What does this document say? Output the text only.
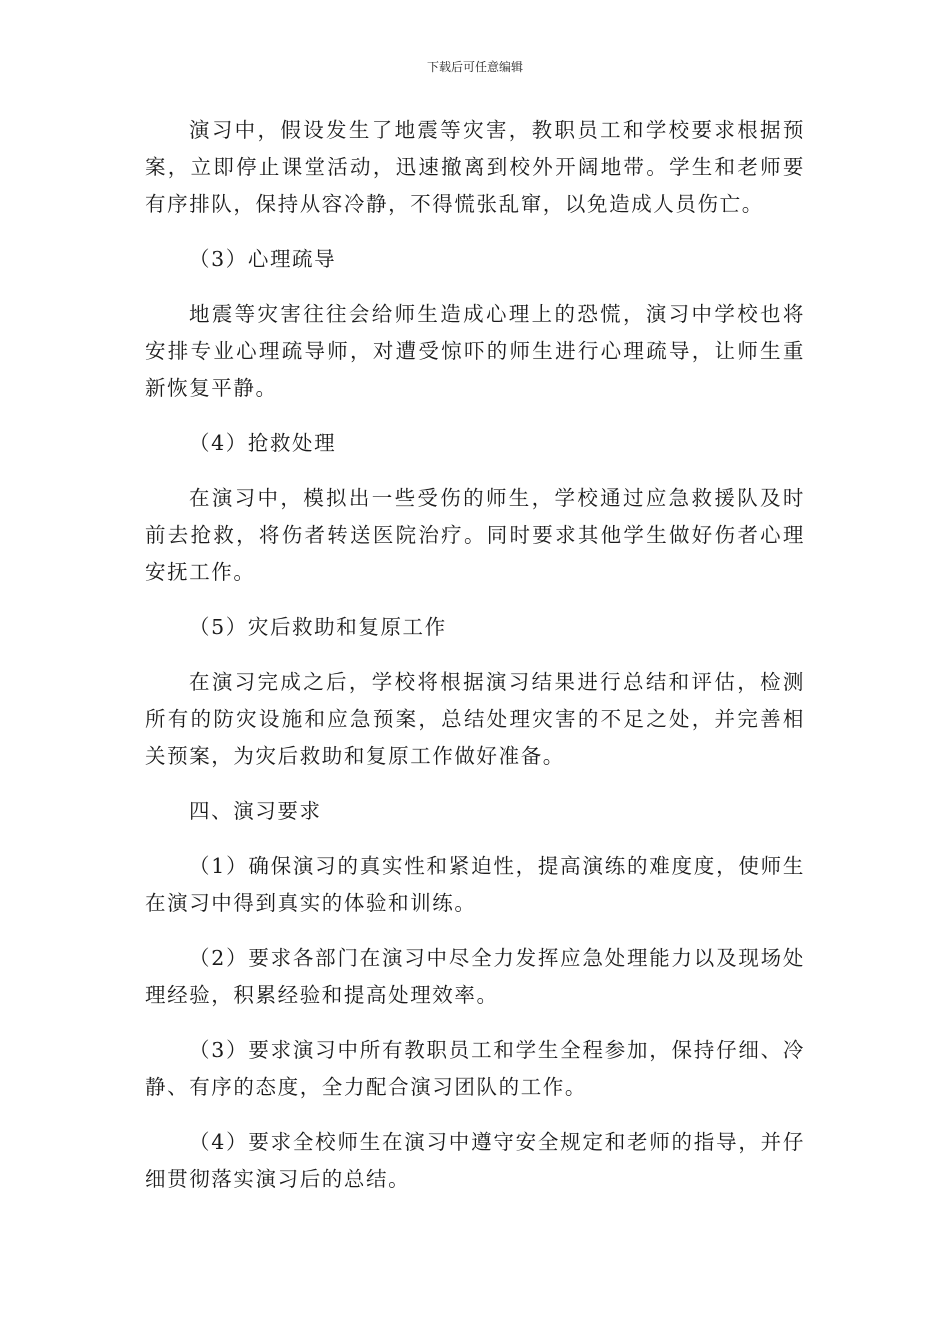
下载后可任意编辑

演习中，假设发生了地震等灾害，教职员工和学校要求根据预案，立即停止课堂活动，迅速撤离到校外开阔地带。学生和老师要有序排队，保持从容冷静，不得慌张乱窜，以免造成人员伤亡。

（3）心理疏导

地震等灾害往往会给师生造成心理上的恐慌，演习中学校也将安排专业心理疏导师，对遭受惊吓的师生进行心理疏导，让师生重新恢复平静。

（4）抢救处理

在演习中，模拟出一些受伤的师生，学校通过应急救援队及时前去抢救，将伤者转送医院治疗。同时要求其他学生做好伤者心理安抚工作。

（5）灾后救助和复原工作

在演习完成之后，学校将根据演习结果进行总结和评估，检测所有的防灾设施和应急预案，总结处理灾害的不足之处，并完善相关预案，为灾后救助和复原工作做好准备。

四、演习要求

（1）确保演习的真实性和紧迫性，提高演练的难度度，使师生在演习中得到真实的体验和训练。

（2）要求各部门在演习中尽全力发挥应急处理能力以及现场处理经验，积累经验和提高处理效率。

（3）要求演习中所有教职员工和学生全程参加，保持仔细、冷静、有序的态度，全力配合演习团队的工作。

（4）要求全校师生在演习中遵守安全规定和老师的指导，并仔细贯彻落实演习后的总结。
